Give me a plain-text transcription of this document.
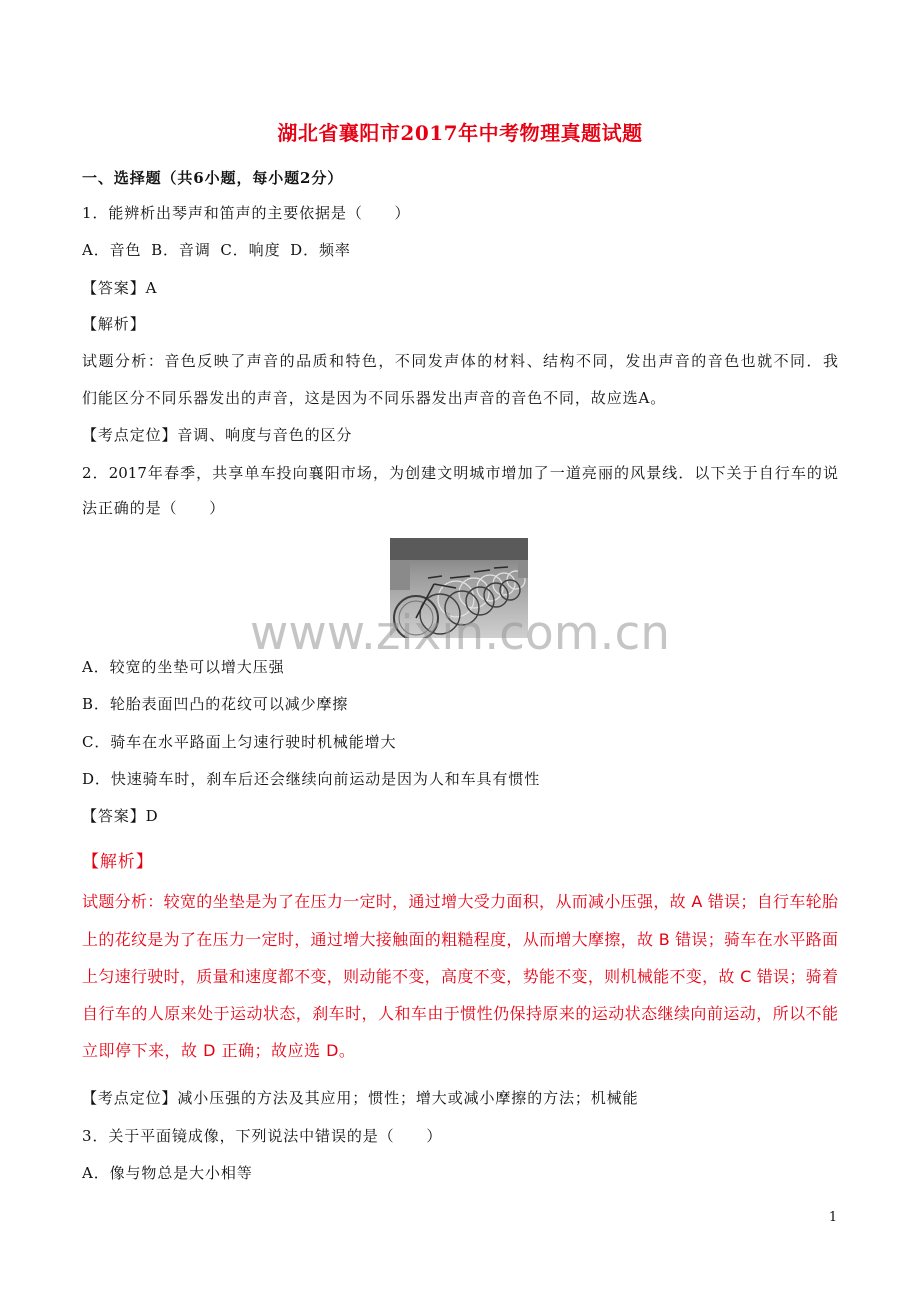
湖北省襄阳市2017年中考物理真题试题
一、选择题（共6小题，每小题2分）
1．能辨析出琴声和笛声的主要依据是（　　）
A．音色 B．音调 C．响度 D．频率
【答案】A
【解析】
试题分析：音色反映了声音的品质和特色，不同发声体的材料、结构不同，发出声音的音色也就不同．我
们能区分不同乐器发出的声音，这是因为不同乐器发出声音的音色不同，故应选A。
【考点定位】音调、响度与音色的区分
2．2017年春季，共享单车投向襄阳市场，为创建文明城市增加了一道亮丽的风景线．以下关于自行车的说
法正确的是（　　）
www.zixin.com.cn
A．较宽的坐垫可以增大压强
B．轮胎表面凹凸的花纹可以减少摩擦
C．骑车在水平路面上匀速行驶时机械能增大
D．快速骑车时，刹车后还会继续向前运动是因为人和车具有惯性
【答案】D
【解析】
试题分析：较宽的坐垫是为了在压力一定时，通过增大受力面积，从而减小压强，故 A 错误；自行车轮胎
上的花纹是为了在压力一定时，通过增大接触面的粗糙程度，从而增大摩擦，故 B 错误；骑车在水平路面
上匀速行驶时，质量和速度都不变，则动能不变，高度不变，势能不变，则机械能不变，故 C 错误；骑着
自行车的人原来处于运动状态，刹车时，人和车由于惯性仍保持原来的运动状态继续向前运动，所以不能
立即停下来，故 D 正确；故应选 D。
【考点定位】减小压强的方法及其应用；惯性；增大或减小摩擦的方法；机械能
3．关于平面镜成像，下列说法中错误的是（　　）
A．像与物总是大小相等
1
